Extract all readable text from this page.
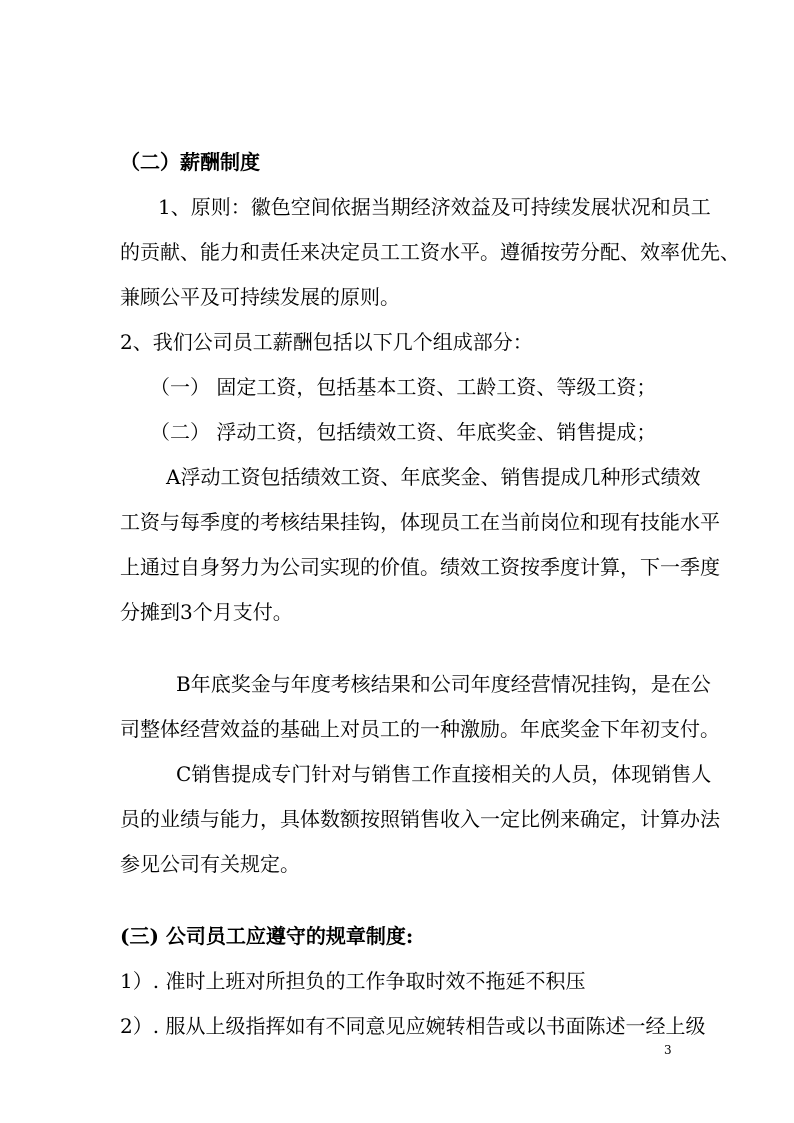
（二）薪酬制度
1、原则：徽色空间依据当期经济效益及可持续发展状况和员工
的贡献、能力和责任来决定员工工资水平。遵循按劳分配、效率优先、
兼顾公平及可持续发展的原则。
2、我们公司员工薪酬包括以下几个组成部分：
（一） 固定工资，包括基本工资、工龄工资、等级工资；
（二） 浮动工资，包括绩效工资、年底奖金、销售提成；
A浮动工资包括绩效工资、年底奖金、销售提成几种形式绩效
工资与每季度的考核结果挂钩，体现员工在当前岗位和现有技能水平
上通过自身努力为公司实现的价值。绩效工资按季度计算，下一季度
分摊到3个月支付。
B年底奖金与年度考核结果和公司年度经营情况挂钩，是在公
司整体经营效益的基础上对员工的一种激励。年底奖金下年初支付。
C销售提成专门针对与销售工作直接相关的人员，体现销售人
员的业绩与能力，具体数额按照销售收入一定比例来确定，计算办法
参见公司有关规定。
(三) 公司员工应遵守的规章制度:
1）. 准时上班对所担负的工作争取时效不拖延不积压
2）. 服从上级指挥如有不同意见应婉转相告或以书面陈述一经上级
3
